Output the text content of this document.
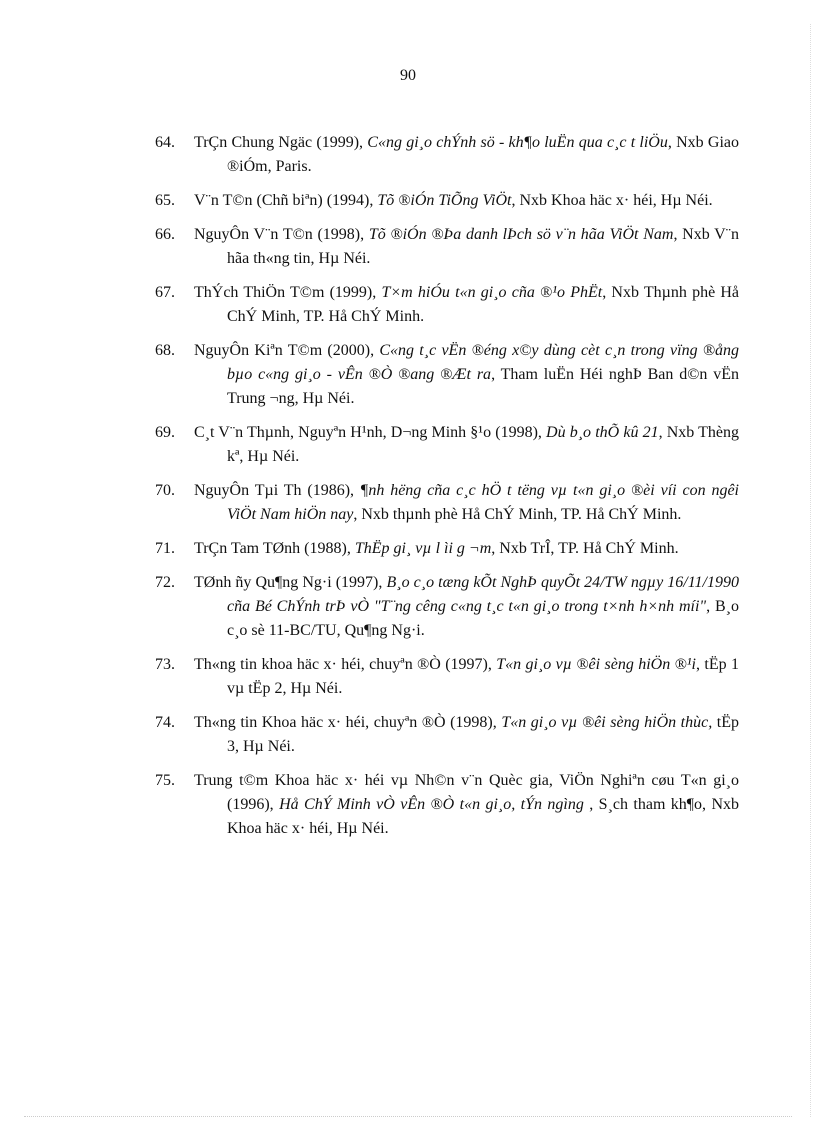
90
64. TrÇn Chung Ngäc (1999), C«ng gi¸o chÝnh sö - kh¶o luËn qua c¸c t liÖu, Nxb Giao ®iÓm, Paris.
65. V¨n T©n (Chñ biªn) (1994), Tõ ®iÓn TiÕng ViÖt, Nxb Khoa häc x· héi, Hµ Néi.
66. NguyÔn V¨n T©n (1998), Tõ ®iÓn ®Þa danh lÞch sö v¨n hãa ViÖt Nam, Nxb V¨n hãa th«ng tin, Hµ Néi.
67. ThÝch ThiÖn T©m (1999), T×m hiÓu t«n gi¸o cña ®¹o PhËt, Nxb Thµnh phè Hå ChÝ Minh, TP. Hå ChÝ Minh.
68. NguyÔn Kiªn T©m (2000), C«ng t¸c vËn ®éng x©y dùng cèt c¸n trong vïng ®ång bµo c«ng gi¸o - vÊn ®Ò ®ang ®Æt ra, Tham luËn Héi nghÞ Ban d©n vËn Trung ¬ng, Hµ Néi.
69. C¸t V¨n Thµnh, Nguyªn H¹nh, D¬ng Minh §¹o (1998), Dù b¸o thÕ kû 21, Nxb Thèng kª, Hµ Néi.
70. NguyÔn Tµi Th (1986), ¶nh hëng cña c¸c hÖ t tëng vµ t«n gi¸o ®èi víi con ngêi ViÖt Nam hiÖn nay, Nxb thµnh phè Hå ChÝ Minh, TP. Hå ChÝ Minh.
71. TrÇn Tam TØnh (1988), ThËp gi¸ vµ l ìi g ¬m, Nxb TrÎ, TP. Hå ChÝ Minh.
72. TØnh ñy Qu¶ng Ng·i (1997), B¸o c¸o tæng kÕt NghÞ quyÕt 24/TW ngµy 16/11/1990 cña Bé ChÝnh trÞ vÒ "T¨ng cêng c«ng t¸c t«n gi¸o trong t×nh h×nh míi", B¸o c¸o sè 11-BC/TU, Qu¶ng Ng·i.
73. Th«ng tin khoa häc x· héi, chuyªn ®Ò (1997), T«n gi¸o vµ ®êi sèng hiÖn ®¹i, tËp 1 vµ tËp 2, Hµ Néi.
74. Th«ng tin Khoa häc x· héi, chuyªn ®Ò (1998), T«n gi¸o vµ ®êi sèng hiÖn thùc, tËp 3, Hµ Néi.
75. Trung t©m Khoa häc x· héi vµ Nh©n v¨n Quèc gia, ViÖn Nghiªn cøu T«n gi¸o (1996), Hå ChÝ Minh vÒ vÊn ®Ò t«n gi¸o, tÝn ngìng , S¸ch tham kh¶o, Nxb Khoa häc x· héi, Hµ Néi.
